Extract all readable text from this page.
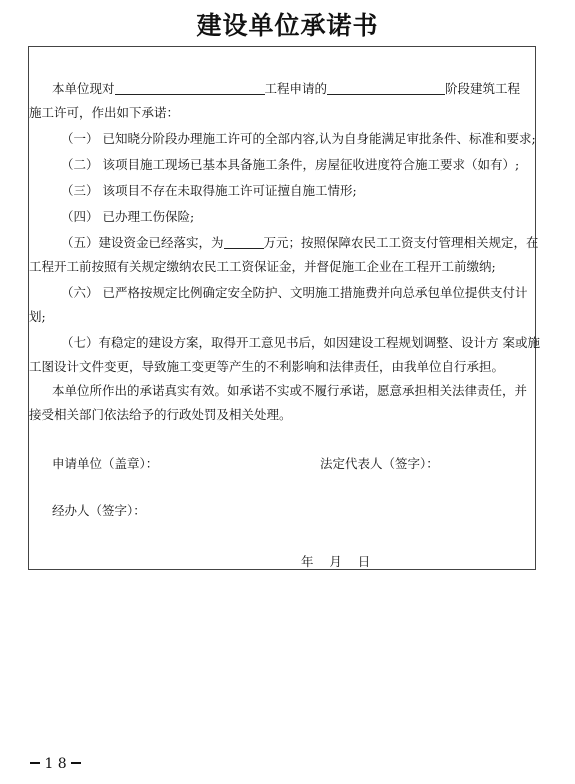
建设单位承诺书

本单位现对	工程申请的	阶段建筑工程

施工许可，作出如下承诺：

（一） 已知晓分阶段办理施工许可的全部内容,认为自身能满足审批条件、标准和要求;

（二） 该项目施工现场已基本具备施工条件，房屋征收进度符合施工要求（如有）;

（三） 该项目不存在未取得施工许可证擅自施工情形;

（四） 已办理工伤保险;

（五）建设资金已经落实，为	万元；按照保障农民工工资支付管理相关规定，在

工程开工前按照有关规定缴纳农民工工资保证金，并督促施工企业在工程开工前缴纳;

（六） 已严格按规定比例确定安全防护、文明施工措施费并向总承包单位提供支付计

划;

（七）有稳定的建设方案，取得开工意见书后，如因建设工程规划调整、设计方 案或施

工图设计文件变更，导致施工变更等产生的不利影响和法律责任，由我单位自行承担。

本单位所作出的承诺真实有效。如承诺不实或不履行承诺，愿意承担相关法律责任，并

接受相关部门依法给予的行政处罚及相关处理。

申请单位（盖章）：	法定代表人（签字）：

经办人（签字）：

年    月    日

1 8
